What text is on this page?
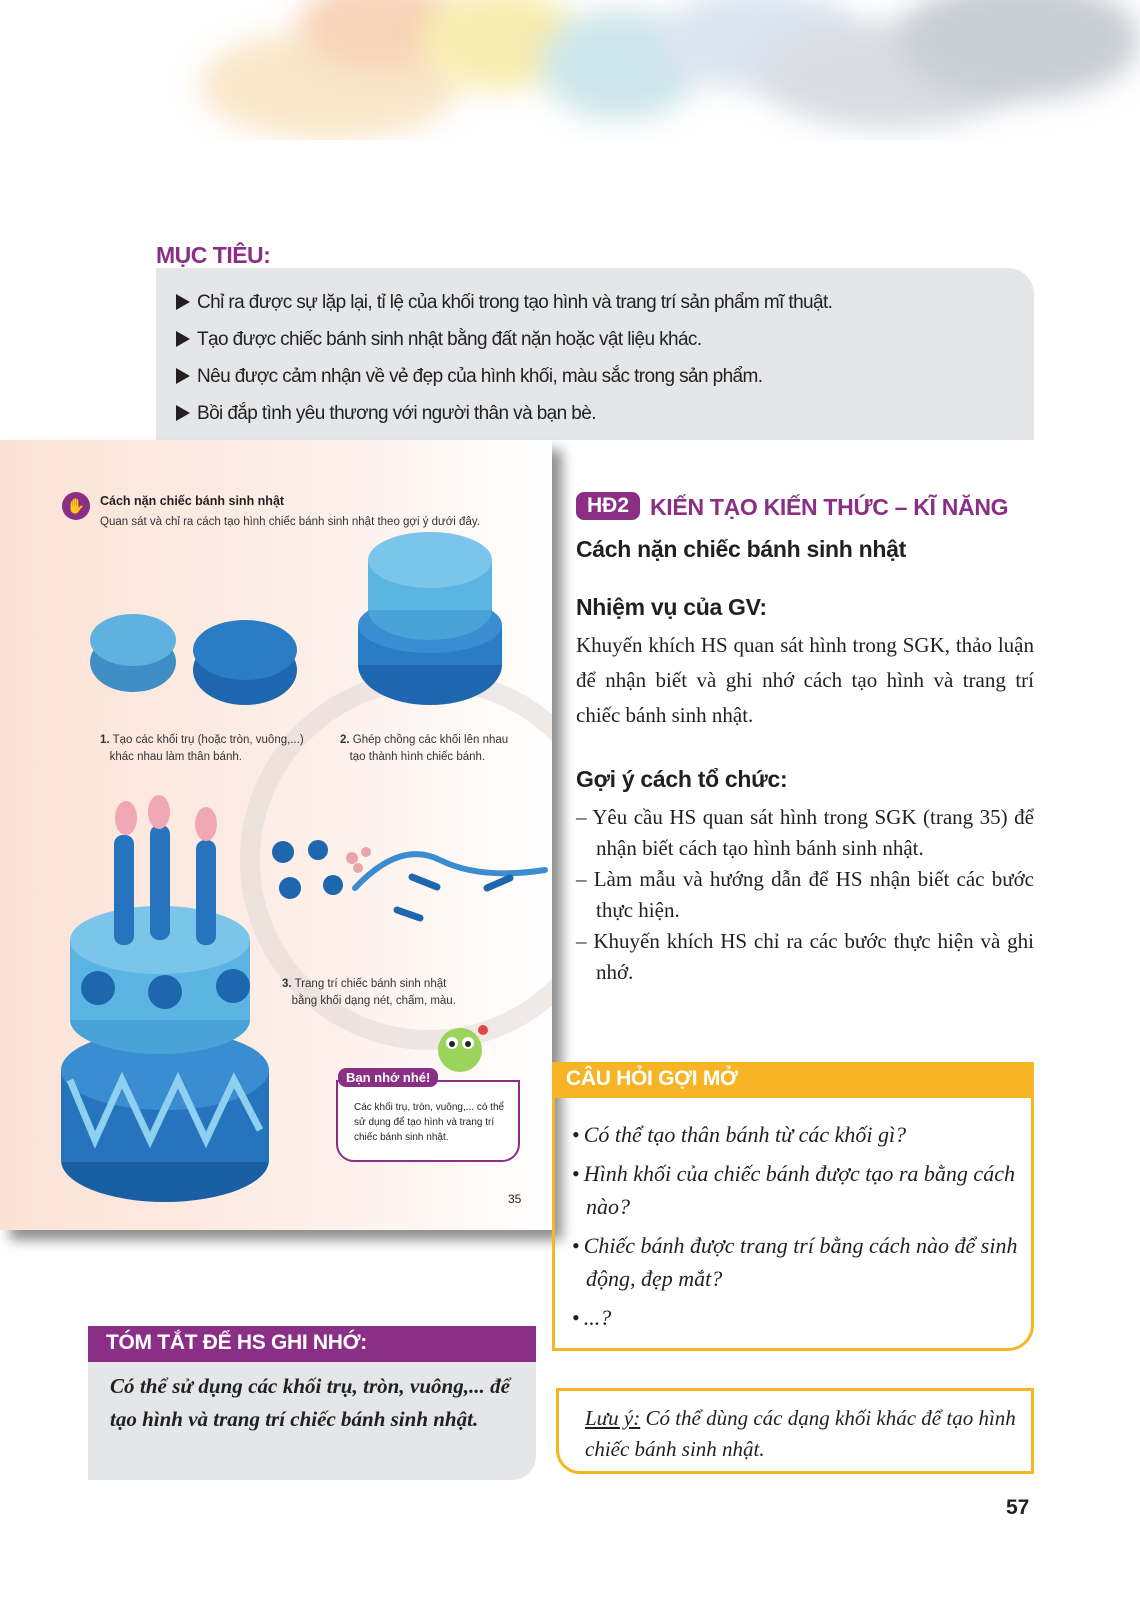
MỤC TIÊU:
Chỉ ra được sự lặp lại, tỉ lệ của khối trong tạo hình và trang trí sản phẩm mĩ thuật.
Tạo được chiếc bánh sinh nhật bằng đất nặn hoặc vật liệu khác.
Nêu được cảm nhận về vẻ đẹp của hình khối, màu sắc trong sản phẩm.
Bồi đắp tình yêu thương với người thân và bạn bè.
✋	Cách nặn chiếc bánh sinh nhật
Quan sát và chỉ ra cách tạo hình chiếc bánh sinh nhật theo gợi ý dưới đây.
1. Tạo các khối trụ (hoặc tròn, vuông,...)
khác nhau làm thân bánh.
2. Ghép chồng các khối lên nhau
tạo thành hình chiếc bánh.
3. Trang trí chiếc bánh sinh nhật
bằng khối dạng nét, chấm, màu.
Các khối trụ, tròn, vuông,... có thể sử dụng để tạo hình và trang trí chiếc bánh sinh nhật.
Bạn nhớ nhé!
35
HĐ2 KIẾN TẠO KIẾN THỨC – KĨ NĂNG
Cách nặn chiếc bánh sinh nhật
Nhiệm vụ của GV:
Khuyến khích HS quan sát hình trong SGK, thảo luận để nhận biết và ghi nhớ cách tạo hình và trang trí chiếc bánh sinh nhật.
Gợi ý cách tổ chức:
– Yêu cầu HS quan sát hình trong SGK (trang 35) để nhận biết cách tạo hình bánh sinh nhật.
– Làm mẫu và hướng dẫn để HS nhận biết các bước thực hiện.
– Khuyến khích HS chỉ ra các bước thực hiện và ghi nhớ.
CÂU HỎI GỢI MỞ
• Có thể tạo thân bánh từ các khối gì?
• Hình khối của chiếc bánh được tạo ra bằng cách nào?
• Chiếc bánh được trang trí bằng cách nào để sinh động, đẹp mắt?
• ...?
Lưu ý: Có thể dùng các dạng khối khác để tạo hình chiếc bánh sinh nhật.
TÓM TẮT ĐỂ HS GHI NHỚ:
Có thể sử dụng các khối trụ, tròn, vuông,... để tạo hình và trang trí chiếc bánh sinh nhật.
57
